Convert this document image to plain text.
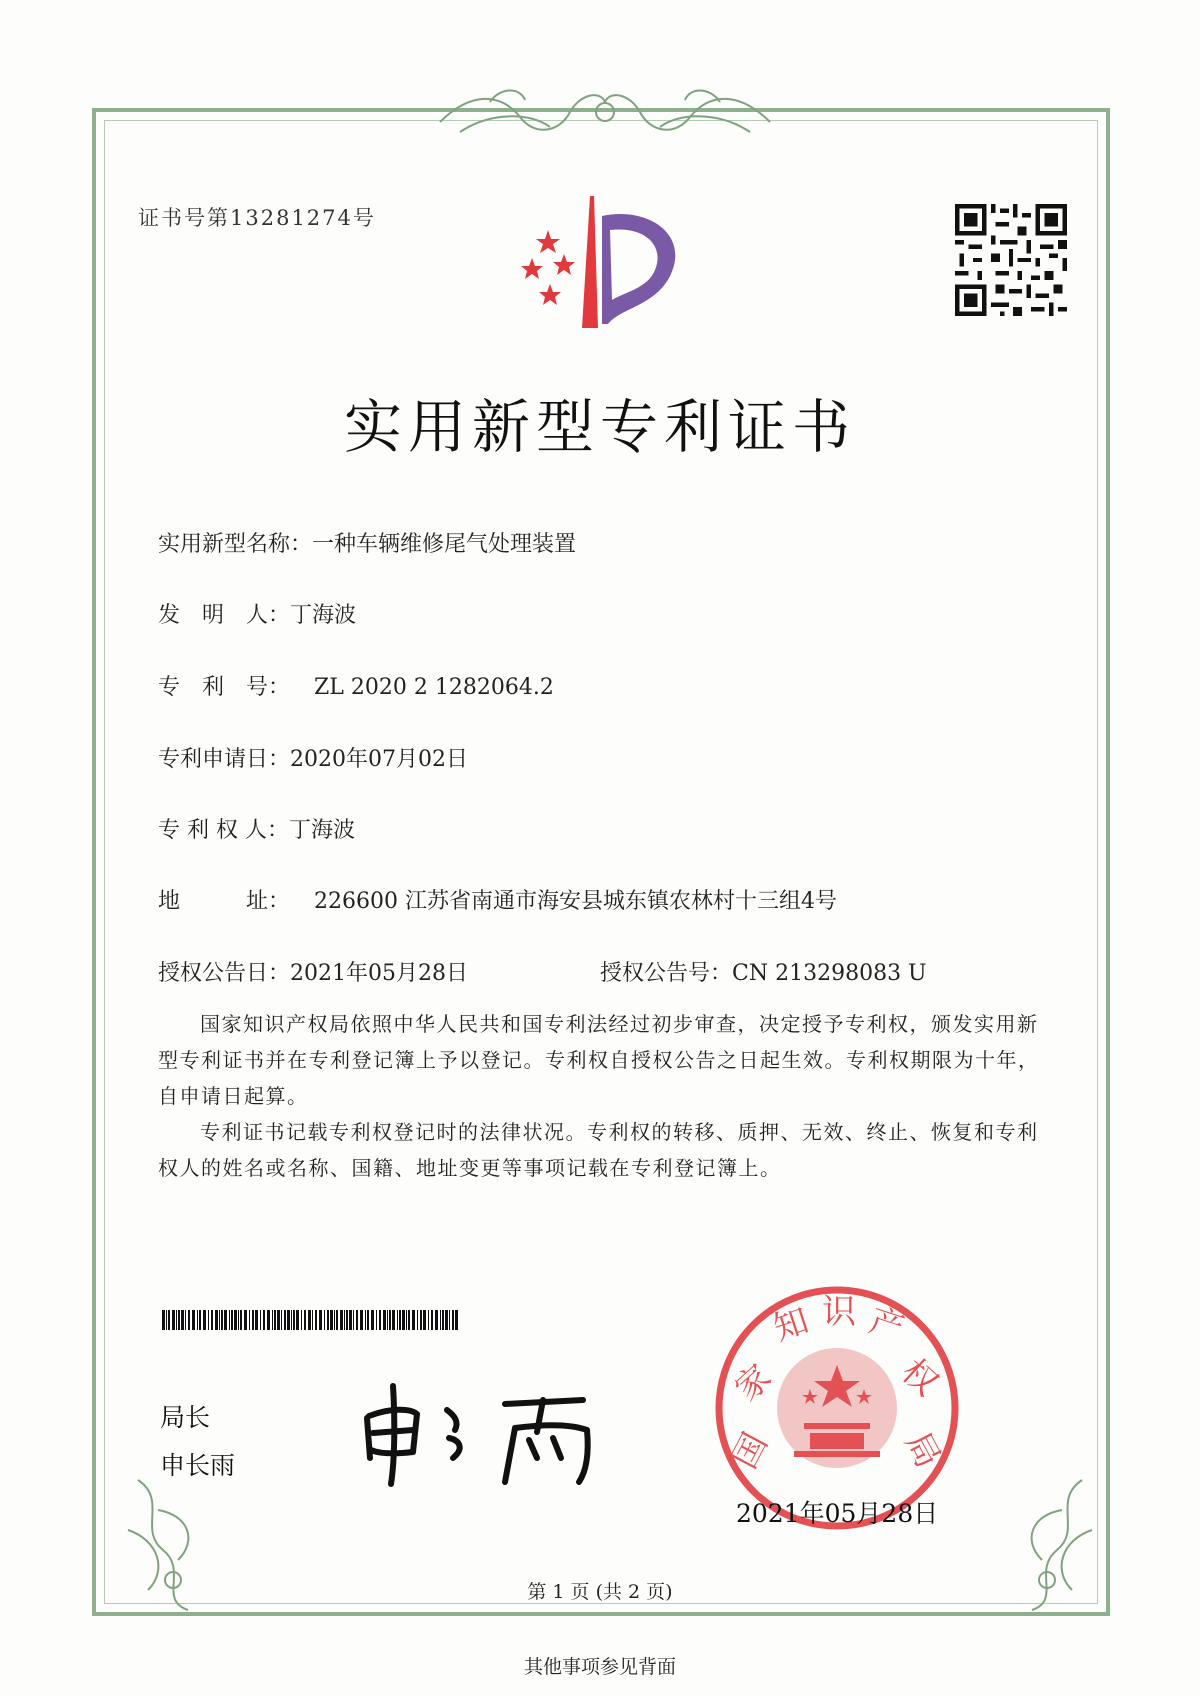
证书号第13281274号
实用新型专利证书
实用新型名称：一种车辆维修尾气处理装置
发　明　人：丁海波
专　利　号： ZL 2020 2 1282064.2
专利申请日：2020年07月02日
专 利 权 人：丁海波
地　　　址： 226600 江苏省南通市海安县城东镇农林村十三组4号
授权公告日：2021年05月28日	授权公告号：CN 213298083 U
国家知识产权局依照中华人民共和国专利法经过初步审查，决定授予专利权，颁发实用新型专利证书并在专利登记簿上予以登记。专利权自授权公告之日起生效。专利权期限为十年，自申请日起算。
专利证书记载专利权登记时的法律状况。专利权的转移、质押、无效、终止、恢复和专利权人的姓名或名称、国籍、地址变更等事项记载在专利登记簿上。
局长
申长雨	国
家
知 识 产
权
局
2021年05月28日
第 1 页 (共 2 页)
其他事项参见背面
